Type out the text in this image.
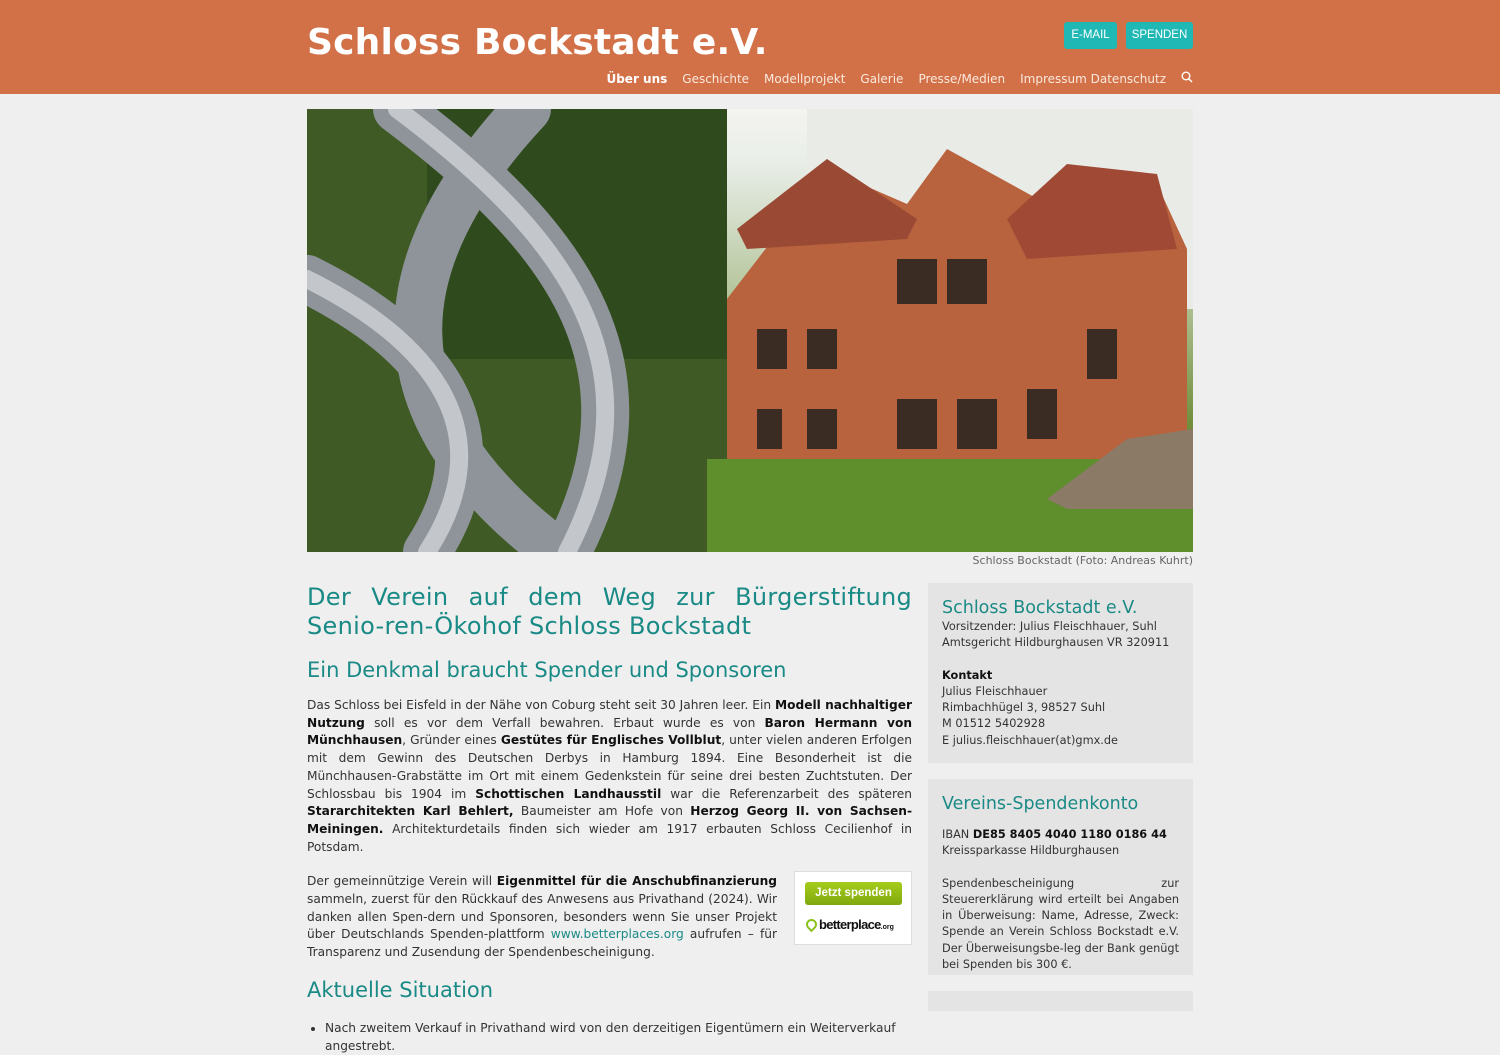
Schloss Bockstadt e.V.	E-MAIL	SPENDEN
Über uns Geschichte Modellprojekt Galerie Presse/Medien Impressum Datenschutz
Schloss Bockstadt (Foto: Andreas Kuhrt)
Der Verein auf dem Weg zur Bürgerstiftung Senio-ren-Ökohof Schloss Bockstadt
Ein Denkmal braucht Spender und Sponsoren

Das Schloss bei Eisfeld in der Nähe von Coburg steht seit 30 Jahren leer. Ein Modell nachhaltiger Nutzung soll es vor dem Verfall bewahren. Erbaut wurde es von Baron Hermann von Münchhausen, Gründer eines Gestütes für Englisches Vollblut, unter vielen anderen Erfolgen mit dem Gewinn des Deutschen Derbys in Hamburg 1894. Eine Besonderheit ist die Münchhausen-Grabstätte im Ort mit einem Gedenkstein für seine drei besten Zuchtstuten. Der Schlossbau bis 1904 im Schottischen Landhausstil war die Referenzarbeit des späteren Stararchitekten Karl Behlert, Baumeister am Hofe von Herzog Georg II. von Sachsen-Meiningen. Architekturdetails finden sich wieder am 1917 erbauten Schloss Cecilienhof in Potsdam.

Der gemeinnützige Verein will Eigenmittel für die Anschubfinanzierung sammeln, zuerst für den Rückkauf des Anwesens aus Privathand (2024). Wir danken allen Spen-dern und Sponsoren, besonders wenn Sie unser Projekt über Deutschlands Spenden-plattform www.betterplaces.org aufrufen – für Transparenz und Zusendung der Spendenbescheinigung.

Jetzt spenden
betterplace.org
Aktuelle Situation
• Nach zweitem Verkauf in Privathand wird von den derzeitigen Eigentümern ein Weiterverkauf angestrebt.
Schloss Bockstadt e.V.
Vorsitzender: Julius Fleischhauer, Suhl
Amtsgericht Hildburghausen VR 320911
Kontakt
Julius Fleischhauer
Rimbachhügel 3, 98527 Suhl
M 01512 5402928
E julius.fleischhauer(at)gmx.de
Vereins-Spendenkonto
IBAN DE85 8405 4040 1180 0186 44
Kreissparkasse Hildburghausen
Spendenbescheinigung zur Steuererklärung wird erteilt bei Angaben in Überweisung: Name, Adresse, Zweck: Spende an Verein Schloss Bockstadt e.V. Der Überweisungsbe-leg der Bank genügt bei Spenden bis 300 €.
